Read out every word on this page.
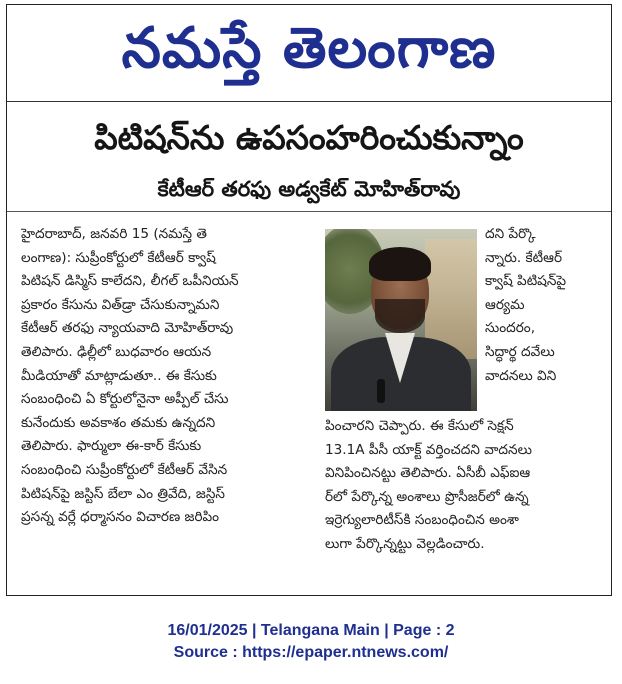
నమస్తే తెలంగాణ
పిటిషన్‌ను ఉపసంహరించుకున్నాం
కేటీఆర్ తరఫు అడ్వకేట్ మోహిత్‌రావు
హైదరాబాద్, జనవరి 15 (నమస్తే తె
లంగాణ): సుప్రీంకోర్టులో కేటీఆర్ క్వాష్
పిటిషన్ డిస్మిస్ కాలేదని, లీగల్ ఒపీనియన్
ప్రకారం కేసును విత్‌డ్రా చేసుకున్నామని
కేటీఆర్ తరఫు న్యాయవాది మోహిత్‌రావు
తెలిపారు. ఢిల్లీలో బుధవారం ఆయన
మీడియాతో మాట్లాడుతూ.. ఈ కేసుకు
సంబంధించి ఏ కోర్టులోనైనా అప్పీల్ చేసు
కునేందుకు అవకాశం తమకు ఉన్నదని
తెలిపారు. ఫార్ములా ఈ-కార్ కేసుకు
సంబంధించి సుప్రీంకోర్టులో కేటీఆర్ వేసిన
పిటిషన్‌పై జస్టిస్ బేలా ఎం త్రివేది, జస్టిస్
ప్రసన్న వర్లే ధర్మాసనం విచారణ జరిపిం
దని పేర్కొ
న్నారు. కేటీఆర్
క్వాష్ పిటిషన్‌పై
ఆర్యమ
సుందరం,
సిద్ధార్థ దవేలు
వాదనలు విని
పించారని చెప్పారు. ఈ కేసులో సెక్షన్
13.1A పీసీ యాక్ట్ వర్తించదని వాదనలు
వినిపించినట్టు తెలిపారు. ఏసీబీ ఎఫ్ఐఆ
ర్‌లో పేర్కొన్న అంశాలు ప్రొసీజర్‌లో ఉన్న
ఇర్రెగ్యులారిటీస్‌కి సంబంధించిన అంశా
లుగా పేర్కొన్నట్టు వెల్లడించారు.
16/01/2025 | Telangana Main | Page : 2
Source : https://epaper.ntnews.com/
